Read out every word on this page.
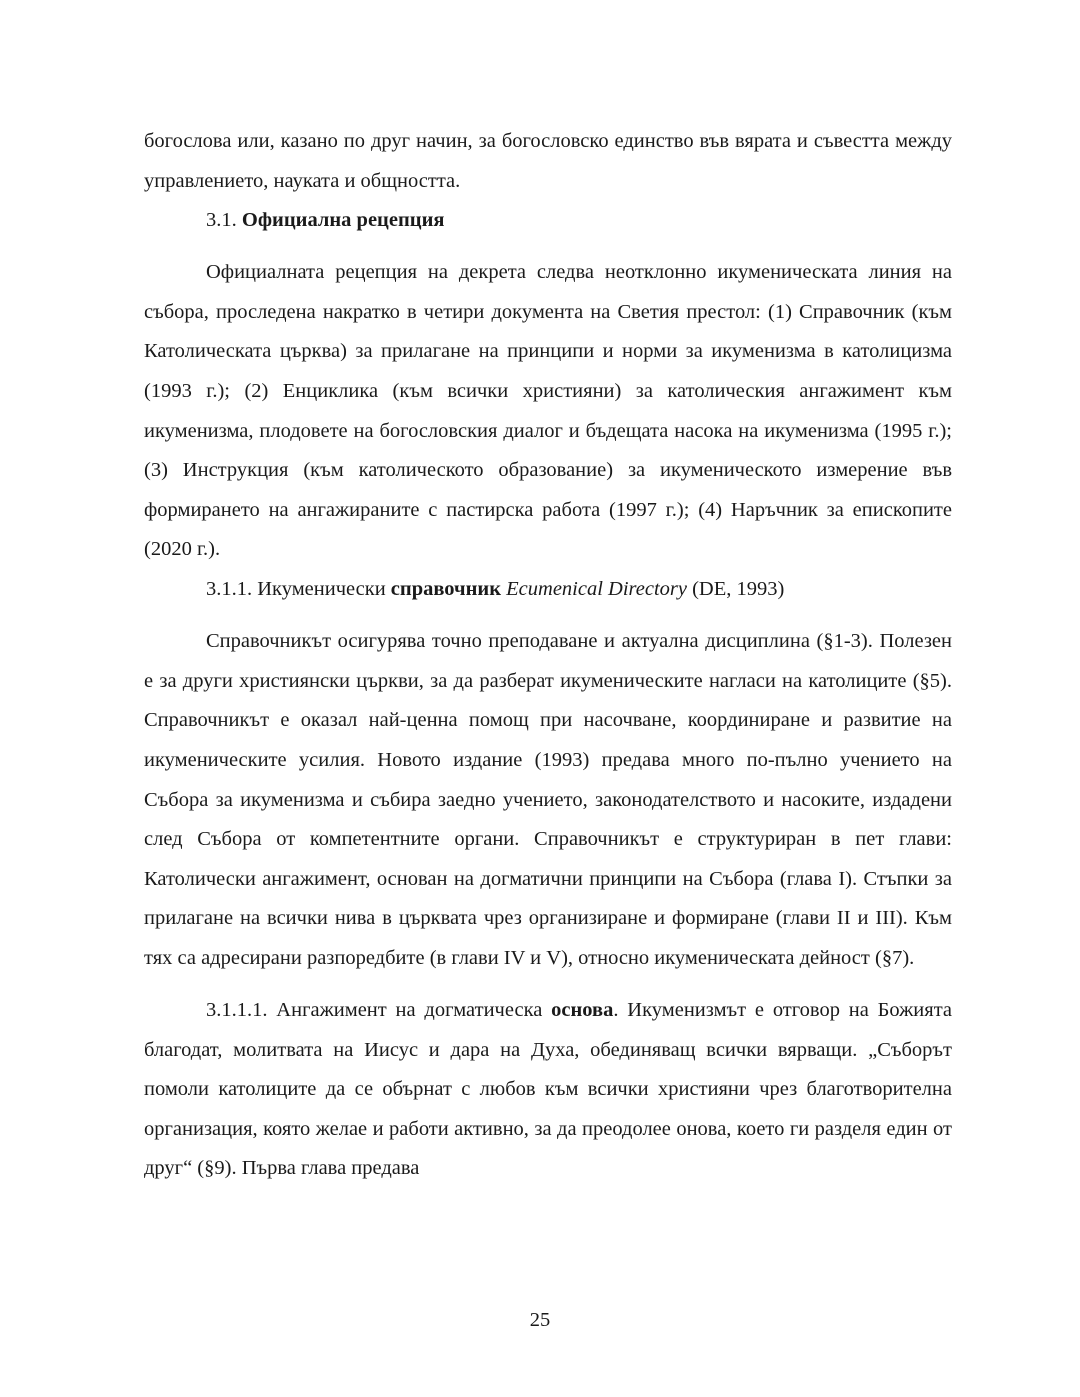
богослова или, казано по друг начин, за богословско единство във вярата и съвестта между управлението, науката и общността.

3.1. Официална рецепция

Официалната рецепция на декрета следва неотклонно икуменическата линия на събора, проследена накратко в четири документа на Светия престол: (1) Справочник (към Католическата църква) за прилагане на принципи и норми за икуменизма в католицизма (1993 г.); (2) Енциклика (към всички християни) за католическия ангажимент към икуменизма, плодовете на богословския диалог и бъдещата насока на икуменизма (1995 г.); (3) Инструкция (към католическото образование) за икуменическото измерение във формирането на ангажираните с пастирска работа (1997 г.); (4) Наръчник за епископите (2020 г.).

3.1.1. Икуменически справочник Ecumenical Directory (DE, 1993)

Справочникът осигурява точно преподаване и актуална дисциплина (§1-3). Полезен е за други християнски църкви, за да разберат икуменическите нагласи на католиците (§5). Справочникът е оказал най-ценна помощ при насочване, координиране и развитие на икуменическите усилия. Новото издание (1993) предава много по-пълно учението на Събора за икуменизма и събира заедно учението, законодателството и насоките, издадени след Събора от компетентните органи. Справочникът е структуриран в пет глави: Католически ангажимент, основан на догматични принципи на Събора (глава I). Стъпки за прилагане на всички нива в църквата чрез организиране и формиране (глави II и III). Към тях са адресирани разпоредбите (в глави IV и V), относно икуменическата дейност (§7).

3.1.1.1. Ангажимент на догматическа основа. Икуменизмът е отговор на Божията благодат, молитвата на Иисус и дара на Духа, обединяващ всички вярващи. „Съборът помоли католиците да се обърнат с любов към всички християни чрез благотворителна организация, която желае и работи активно, за да преодолее онова, което ги разделя един от друг“ (§9). Първа глава предава

25
